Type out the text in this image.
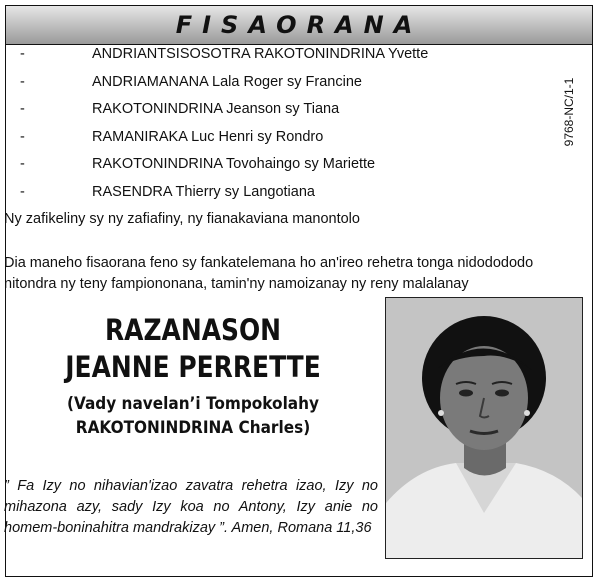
FISAORANA
-	ANDRIANTSISOSOTRA RAKOTONINDRINA Yvette
-	ANDRIAMANANA Lala Roger sy Francine
-	RAKOTONINDRINA Jeanson sy Tiana
-	RAMANIRAKA Luc Henri sy Rondro
-	RAKOTONINDRINA Tovohaingo sy Mariette
-	RASENDRA Thierry sy Langotiana
9768-NC/1-1
Ny zafikeliny sy ny zafiafiny, ny fianakaviana manontolo
Dia maneho fisaorana feno sy fankatelemana ho an'ireo rehetra tonga nidodododo nitondra ny teny fampiononana, tamin'ny namoizanay ny reny malalanay
RAZANASON
JEANNE PERRETTE
(Vady navelan’i Tompokolahy
RAKOTONINDRINA Charles)
” Fa Izy no nihavian'izao zavatra rehetra izao, Izy no mihazona azy, sady Izy koa no Antony, Izy anie no homem-boninahitra mandrakizay ”. Amen, Romana 11,36
